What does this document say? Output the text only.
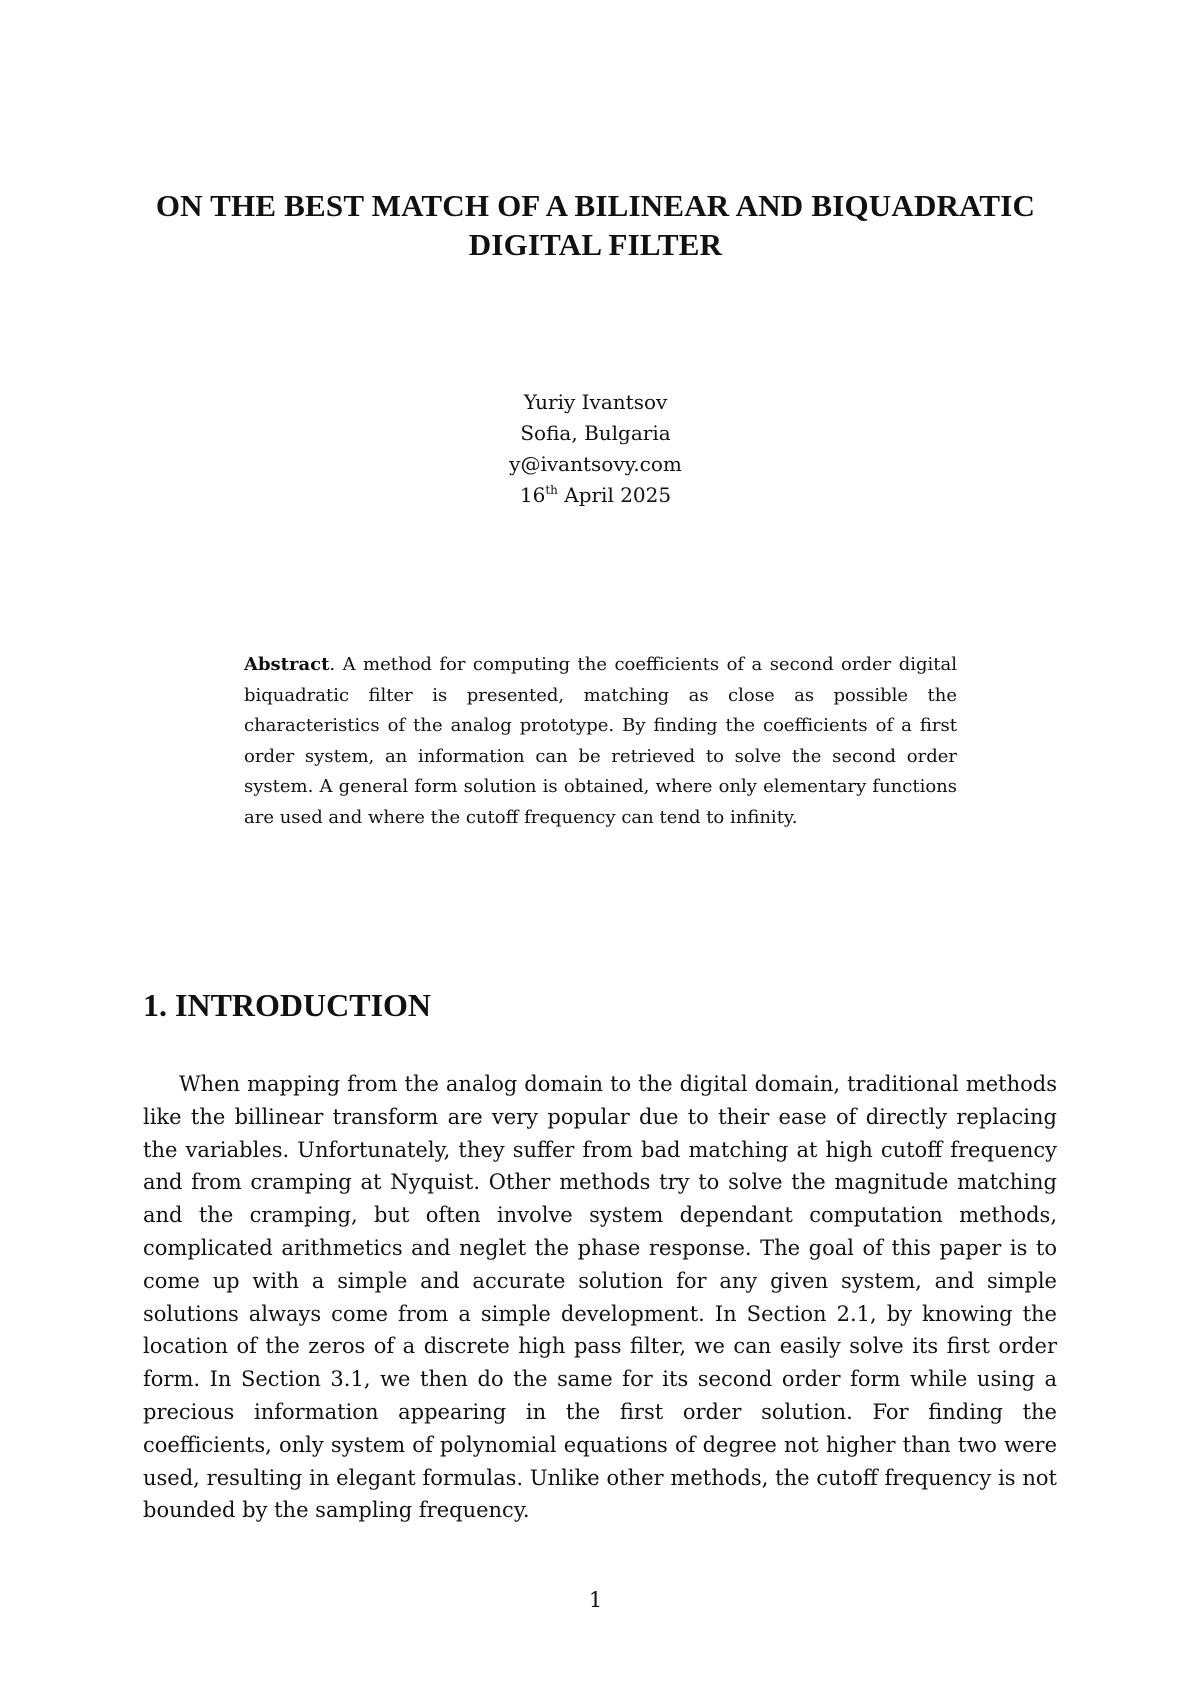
ON THE BEST MATCH OF A BILINEAR AND BIQUADRATIC
DIGITAL FILTER
Yuriy Ivantsov
Sofia, Bulgaria
y@ivantsovy.com
16th April 2025
Abstract. A method for computing the coefficients of a second order digital biquadratic filter is presented, matching as close as possible the characteristics of the analog prototype. By finding the coefficients of a first order system, an information can be retrieved to solve the second order system. A general form solution is obtained, where only elementary functions are used and where the cutoff frequency can tend to infinity.
1. INTRODUCTION
When mapping from the analog domain to the digital domain, traditional methods like the billinear transform are very popular due to their ease of directly replacing the variables. Unfortunately, they suffer from bad matching at high cutoff frequency and from cramping at Nyquist. Other methods try to solve the magnitude matching and the cramping, but often involve system dependant computation methods, complicated arithmetics and neglet the phase response. The goal of this paper is to come up with a simple and accurate solution for any given system, and simple solutions always come from a simple development. In Section 2.1, by knowing the location of the zeros of a discrete high pass filter, we can easily solve its first order form. In Section 3.1, we then do the same for its second order form while using a precious information appearing in the first order solution. For finding the coefficients, only system of polynomial equations of degree not higher than two were used, resulting in elegant formulas. Unlike other methods, the cutoff frequency is not bounded by the sampling frequency.
1
